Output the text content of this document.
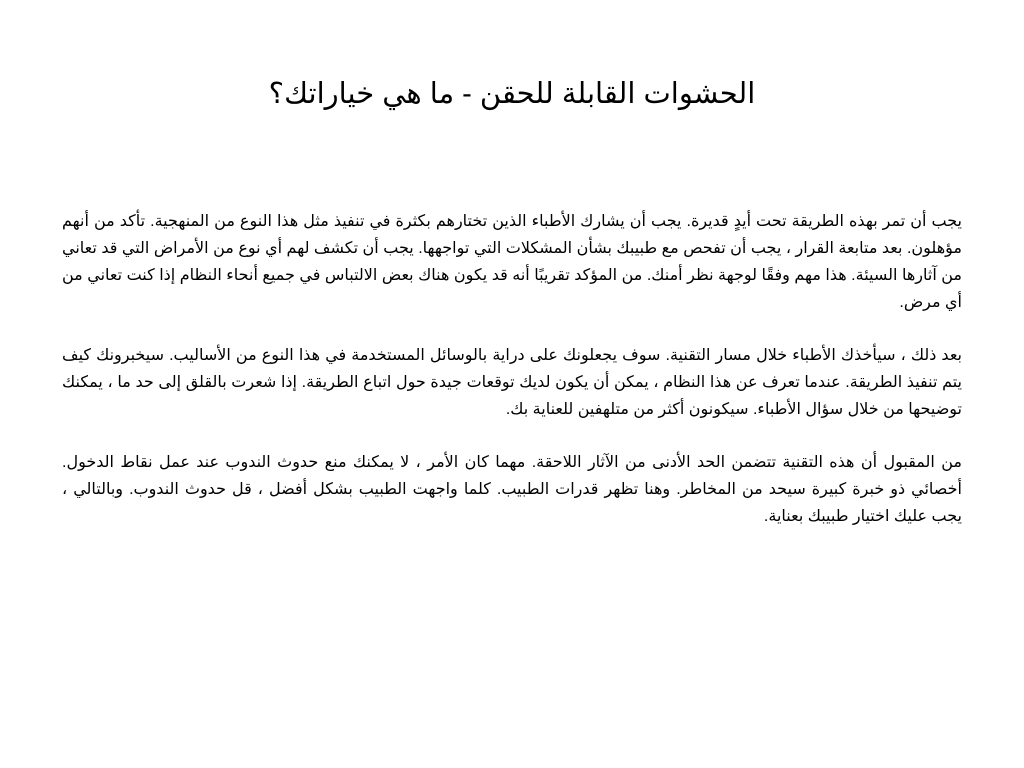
الحشوات القابلة للحقن - ما هي خياراتك؟

يجب أن تمر بهذه الطريقة تحت أيدٍ قديرة. يجب أن يشارك الأطباء الذين تختارهم بكثرة في تنفيذ مثل هذا النوع من المنهجية. تأكد من أنهم مؤهلون. بعد متابعة القرار ، يجب أن تفحص مع طبيبك بشأن المشكلات التي تواجهها. يجب أن تكشف لهم أي نوع من الأمراض التي قد تعاني من آثارها السيئة. هذا مهم وفقًا لوجهة نظر أمنك. من المؤكد تقريبًا أنه قد يكون هناك بعض الالتباس في جميع أنحاء النظام إذا كنت تعاني من أي مرض.

بعد ذلك ، سيأخذك الأطباء خلال مسار التقنية. سوف يجعلونك على دراية بالوسائل المستخدمة في هذا النوع من الأساليب. سيخبرونك كيف يتم تنفيذ الطريقة. عندما تعرف عن هذا النظام ، يمكن أن يكون لديك توقعات جيدة حول اتباع الطريقة. إذا شعرت بالقلق إلى حد ما ، يمكنك توضيحها من خلال سؤال الأطباء. سيكونون أكثر من متلهفين للعناية بك.

من المقبول أن هذه التقنية تتضمن الحد الأدنى من الآثار اللاحقة. مهما كان الأمر ، لا يمكنك منع حدوث الندوب عند عمل نقاط الدخول. أخصائي ذو خبرة كبيرة سيحد من المخاطر. وهنا تظهر قدرات الطبيب. كلما واجهت الطبيب بشكل أفضل ، قل حدوث الندوب. وبالتالي ، يجب عليك اختيار طبيبك بعناية.
